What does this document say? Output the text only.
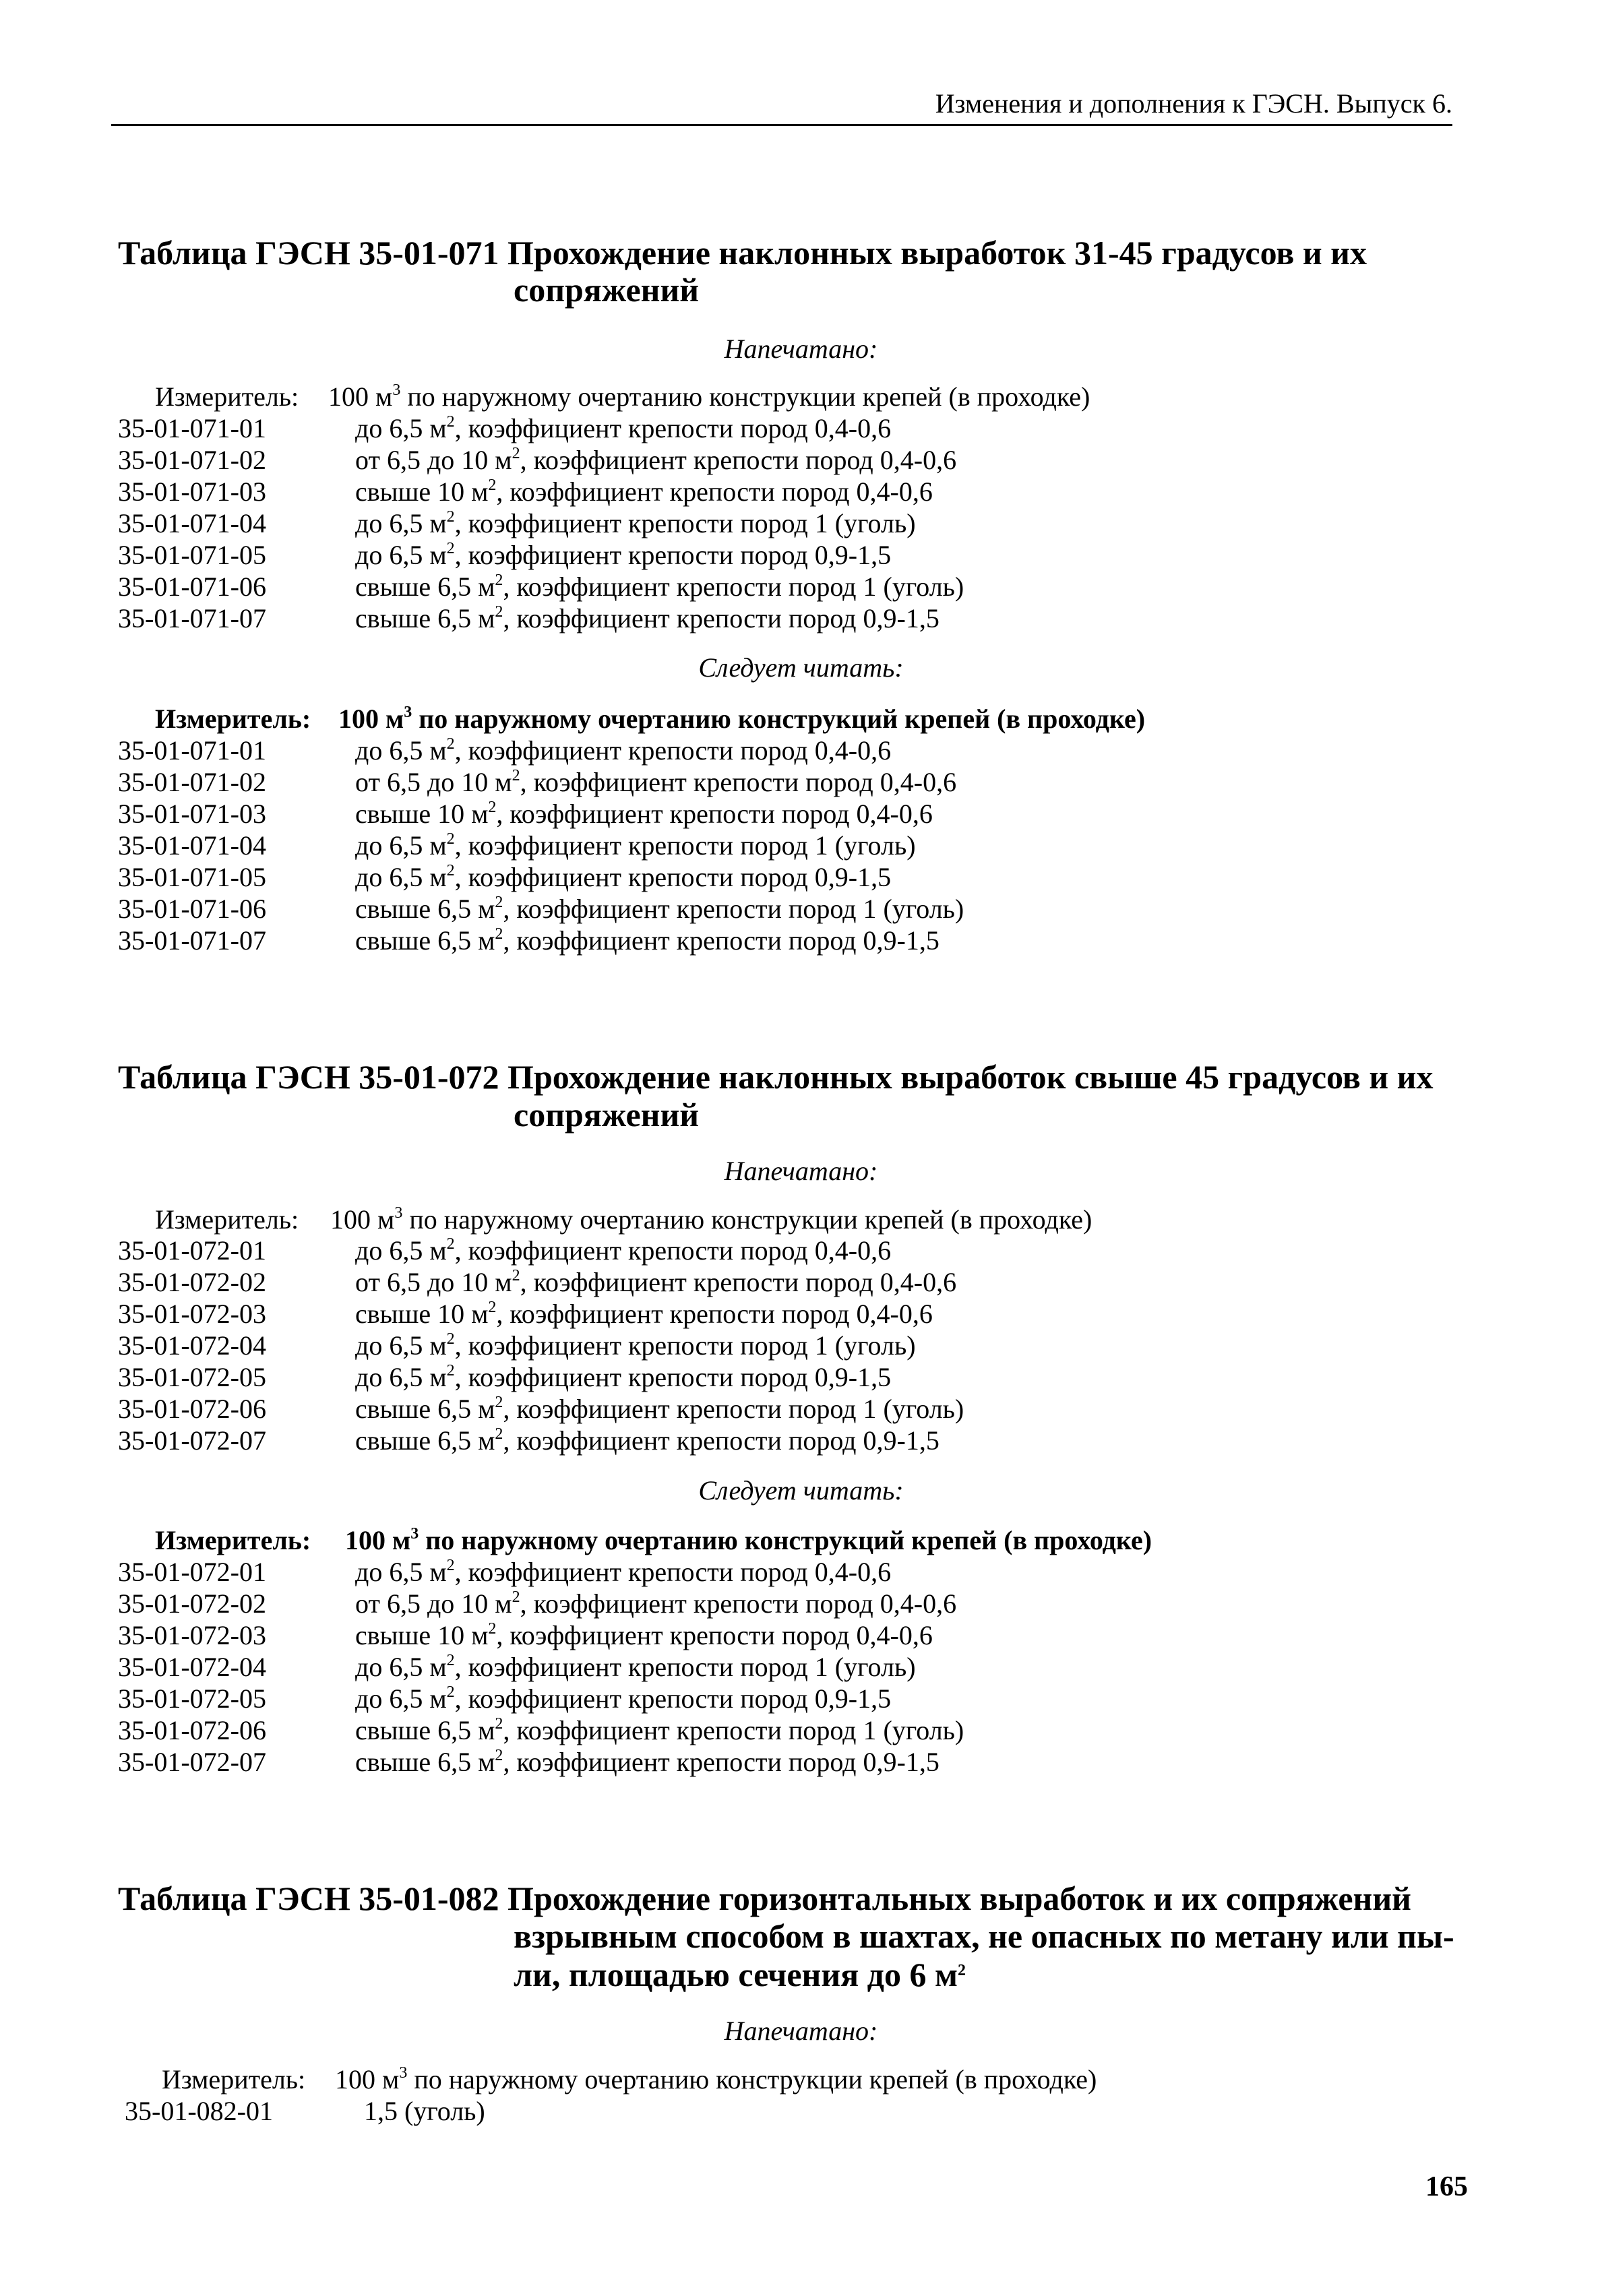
Изменения и дополнения к ГЭСН. Выпуск 6.
Таблица ГЭСН 35-01-071 Прохождение наклонных выработок 31-45 градусов и их
сопряжений
Напечатано:
Измеритель: 100 $м^3$ по наружному очертанию конструкции крепей (в проходке)
35-01-071-01	до 6,5 $м^2$, коэффициент крепости пород 0,4-0,6
35-01-071-02	от 6,5 до 10 $м^2$, коэффициент крепости пород 0,4-0,6
35-01-071-03	свыше 10 $м^2$, коэффициент крепости пород 0,4-0,6
35-01-071-04	до 6,5 $м^2$, коэффициент крепости пород 1 (уголь)
35-01-071-05	до 6,5 $м^2$, коэффициент крепости пород 0,9-1,5
35-01-071-06	свыше 6,5 $м^2$, коэффициент крепости пород 1 (уголь)
35-01-071-07	свыше 6,5 $м^2$, коэффициент крепости пород 0,9-1,5
Следует читать:
Измеритель: 100 $м^3$ по наружному очертанию конструкций крепей (в проходке)
35-01-071-01	до 6,5 $м^2$, коэффициент крепости пород 0,4-0,6
35-01-071-02	от 6,5 до 10 $м^2$, коэффициент крепости пород 0,4-0,6
35-01-071-03	свыше 10 $м^2$, коэффициент крепости пород 0,4-0,6
35-01-071-04	до 6,5 $м^2$, коэффициент крепости пород 1 (уголь)
35-01-071-05	до 6,5 $м^2$, коэффициент крепости пород 0,9-1,5
35-01-071-06	свыше 6,5 $м^2$, коэффициент крепости пород 1 (уголь)
35-01-071-07	свыше 6,5 $м^2$, коэффициент крепости пород 0,9-1,5
Таблица ГЭСН 35-01-072 Прохождение наклонных выработок свыше 45 градусов и их
сопряжений
Напечатано:
Измеритель: 100 $м^3$ по наружному очертанию конструкции крепей (в проходке)
35-01-072-01	до 6,5 $м^2$, коэффициент крепости пород 0,4-0,6
35-01-072-02	от 6,5 до 10 $м^2$, коэффициент крепости пород 0,4-0,6
35-01-072-03	свыше 10 $м^2$, коэффициент крепости пород 0,4-0,6
35-01-072-04	до 6,5 $м^2$, коэффициент крепости пород 1 (уголь)
35-01-072-05	до 6,5 $м^2$, коэффициент крепости пород 0,9-1,5
35-01-072-06	свыше 6,5 $м^2$, коэффициент крепости пород 1 (уголь)
35-01-072-07	свыше 6,5 $м^2$, коэффициент крепости пород 0,9-1,5
Следует читать:
Измеритель: 100 $м^3$ по наружному очертанию конструкций крепей (в проходке)
35-01-072-01	до 6,5 $м^2$, коэффициент крепости пород 0,4-0,6
35-01-072-02	от 6,5 до 10 $м^2$, коэффициент крепости пород 0,4-0,6
35-01-072-03	свыше 10 $м^2$, коэффициент крепости пород 0,4-0,6
35-01-072-04	до 6,5 $м^2$, коэффициент крепости пород 1 (уголь)
35-01-072-05	до 6,5 $м^2$, коэффициент крепости пород 0,9-1,5
35-01-072-06	свыше 6,5 $м^2$, коэффициент крепости пород 1 (уголь)
35-01-072-07	свыше 6,5 $м^2$, коэффициент крепости пород 0,9-1,5
Таблица ГЭСН 35-01-082 Прохождение горизонтальных выработок и их сопряжений
взрывным способом в шахтах, не опасных по метану или пы-
ли, площадью сечения до 6 $м^2$
Напечатано:
Измеритель: 100 $м^3$ по наружному очертанию конструкции крепей (в проходке)
35-01-082-01	1,5 (уголь)
165
